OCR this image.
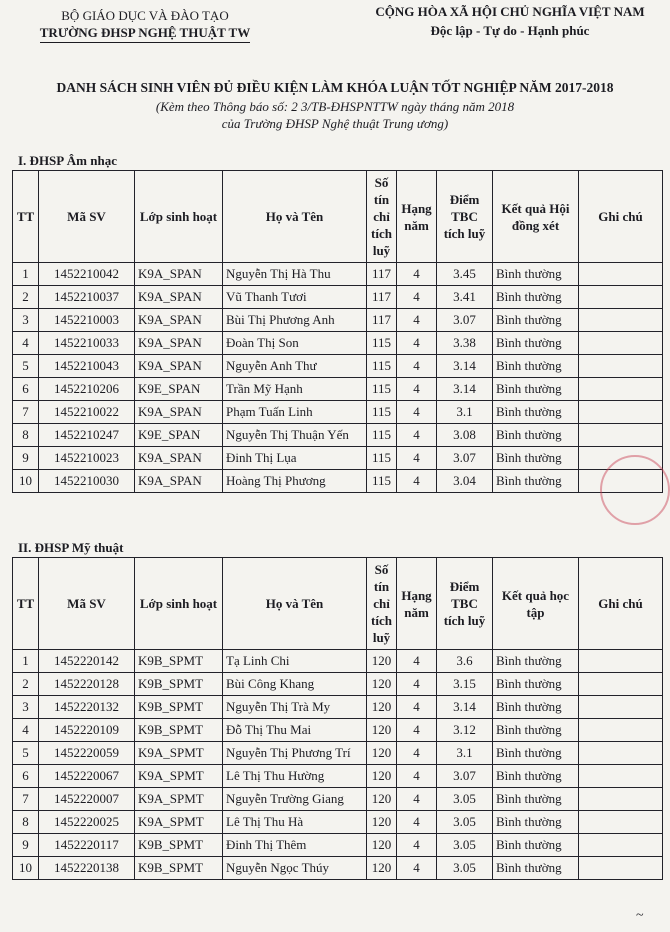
BỘ GIÁO DỤC VÀ ĐÀO TẠO
TRƯỜNG ĐHSP NGHỆ THUẬT TW
CỘNG HÒA XÃ HỘI CHỦ NGHĨA VIỆT NAM
Độc lập - Tự do - Hạnh phúc
DANH SÁCH SINH VIÊN ĐỦ ĐIỀU KIỆN LÀM KHÓA LUẬN TỐT NGHIỆP NĂM 2017-2018
(Kèm theo Thông báo số: 2 3/TB-ĐHSPNTTW ngày tháng năm 2018
của Trường ĐHSP Nghệ thuật Trung ương)
I. ĐHSP Âm nhạc
TT	Mã SV	Lớp sinh hoạt	Họ và Tên	Số tín chỉ tích luỹ	Hạng năm	Điểm TBC tích luỹ	Kết quả Hội đồng xét	Ghi chú
1	1452210042	K9A_SPAN	Nguyễn Thị Hà Thu	117	4	3.45	Bình thường	
2	1452210037	K9A_SPAN	Vũ Thanh Tươi	117	4	3.41	Bình thường	
3	1452210003	K9A_SPAN	Bùi Thị Phương Anh	117	4	3.07	Bình thường	
4	1452210033	K9A_SPAN	Đoàn Thị Son	115	4	3.38	Bình thường	
5	1452210043	K9A_SPAN	Nguyễn Anh Thư	115	4	3.14	Bình thường	
6	1452210206	K9E_SPAN	Trần Mỹ Hạnh	115	4	3.14	Bình thường	
7	1452210022	K9A_SPAN	Phạm Tuấn Linh	115	4	3.1	Bình thường	
8	1452210247	K9E_SPAN	Nguyễn Thị Thuận Yến	115	4	3.08	Bình thường	
9	1452210023	K9A_SPAN	Đinh Thị Lụa	115	4	3.07	Bình thường	
10	1452210030	K9A_SPAN	Hoàng Thị Phương	115	4	3.04	Bình thường	
II. ĐHSP Mỹ thuật
TT	Mã SV	Lớp sinh hoạt	Họ và Tên	Số tín chỉ tích luỹ	Hạng năm	Điểm TBC tích luỹ	Kết quả học tập	Ghi chú
1	1452220142	K9B_SPMT	Tạ Linh Chi	120	4	3.6	Bình thường	
2	1452220128	K9B_SPMT	Bùi Công Khang	120	4	3.15	Bình thường	
3	1452220132	K9B_SPMT	Nguyễn Thị Trà My	120	4	3.14	Bình thường	
4	1452220109	K9B_SPMT	Đỗ Thị Thu Mai	120	4	3.12	Bình thường	
5	1452220059	K9A_SPMT	Nguyễn Thị Phương Trí	120	4	3.1	Bình thường	
6	1452220067	K9A_SPMT	Lê Thị Thu Hường	120	4	3.07	Bình thường	
7	1452220007	K9A_SPMT	Nguyễn Trường Giang	120	4	3.05	Bình thường	
8	1452220025	K9A_SPMT	Lê Thị Thu Hà	120	4	3.05	Bình thường	
9	1452220117	K9B_SPMT	Đinh Thị Thêm	120	4	3.05	Bình thường	
10	1452220138	K9B_SPMT	Nguyễn Ngọc Thúy	120	4	3.05	Bình thường	
~
